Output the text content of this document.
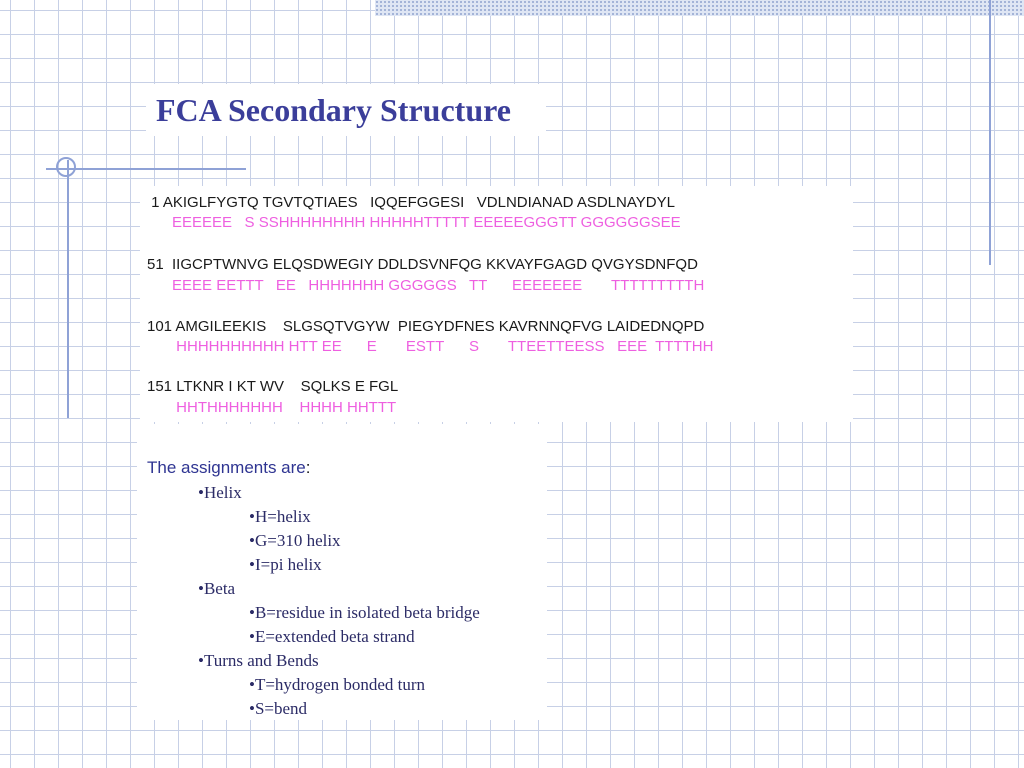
FCA Secondary Structure

1 AKIGLFYGTQ TGVTQTIAES   IQQEFGGESI   VDLNDIANAD ASDLNAYDYL

EEEEEE   S SSHHHHHHHH HHHHHTTTTT EEEEEGGGTT GGGGGGSEE

51  IIGCPTWNVG ELQSDWEGIY DDLDSVNFQG KKVAYFGAGD QVGYSDNFQD

EEEE EETTT   EE   HHHHHHH GGGGGS   TT      EEEEEEE       TTTTTTTTTH

101 AMGILEEKIS    SLGSQTVGYW  PIEGYDFNES KAVRNNQFVG LAIDEDNQPD

HHHHHHHHHH HTT EE      E       ESTT      S       TTEETTEESS   EEE  TTTTHH

151 LTKNR I KT WV    SQLKS E FGL

HHTHHHHHHH    HHHH HHTTT

The assignments are:

•Helix

•H=helix

•G=310 helix

•I=pi helix

•Beta

•B=residue in isolated beta bridge

•E=extended beta strand

•Turns and Bends

•T=hydrogen bonded turn

•S=bend
